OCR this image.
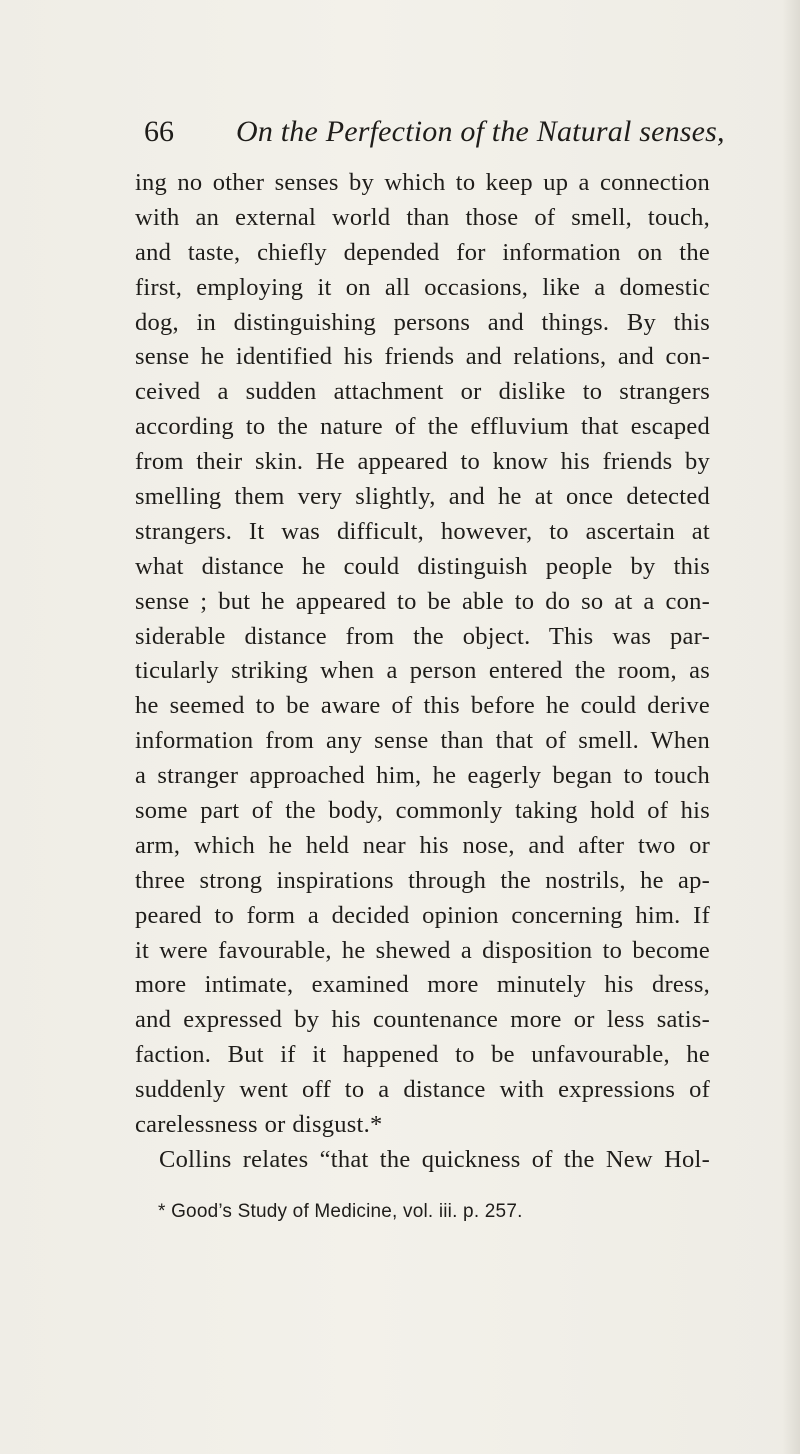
66 On the Perfection of the Natural senses,
ing no other senses by which to keep up a connection
with an external world than those of smell, touch,
and taste, chiefly depended for information on the
first, employing it on all occasions, like a domestic
dog, in distinguishing persons and things. By this
sense he identified his friends and relations, and con-
ceived a sudden attachment or dislike to strangers
according to the nature of the effluvium that escaped
from their skin. He appeared to know his friends by
smelling them very slightly, and he at once detected
strangers. It was difficult, however, to ascertain at
what distance he could distinguish people by this
sense ; but he appeared to be able to do so at a con-
siderable distance from the object. This was par-
ticularly striking when a person entered the room, as
he seemed to be aware of this before he could derive
information from any sense than that of smell. When
a stranger approached him, he eagerly began to touch
some part of the body, commonly taking hold of his
arm, which he held near his nose, and after two or
three strong inspirations through the nostrils, he ap-
peared to form a decided opinion concerning him. If
it were favourable, he shewed a disposition to become
more intimate, examined more minutely his dress,
and expressed by his countenance more or less satis-
faction. But if it happened to be unfavourable, he
suddenly went off to a distance with expressions of
carelessness or disgust.*
Collins relates “that the quickness of the New Hol-
* Good’s Study of Medicine, vol. iii. p. 257.
